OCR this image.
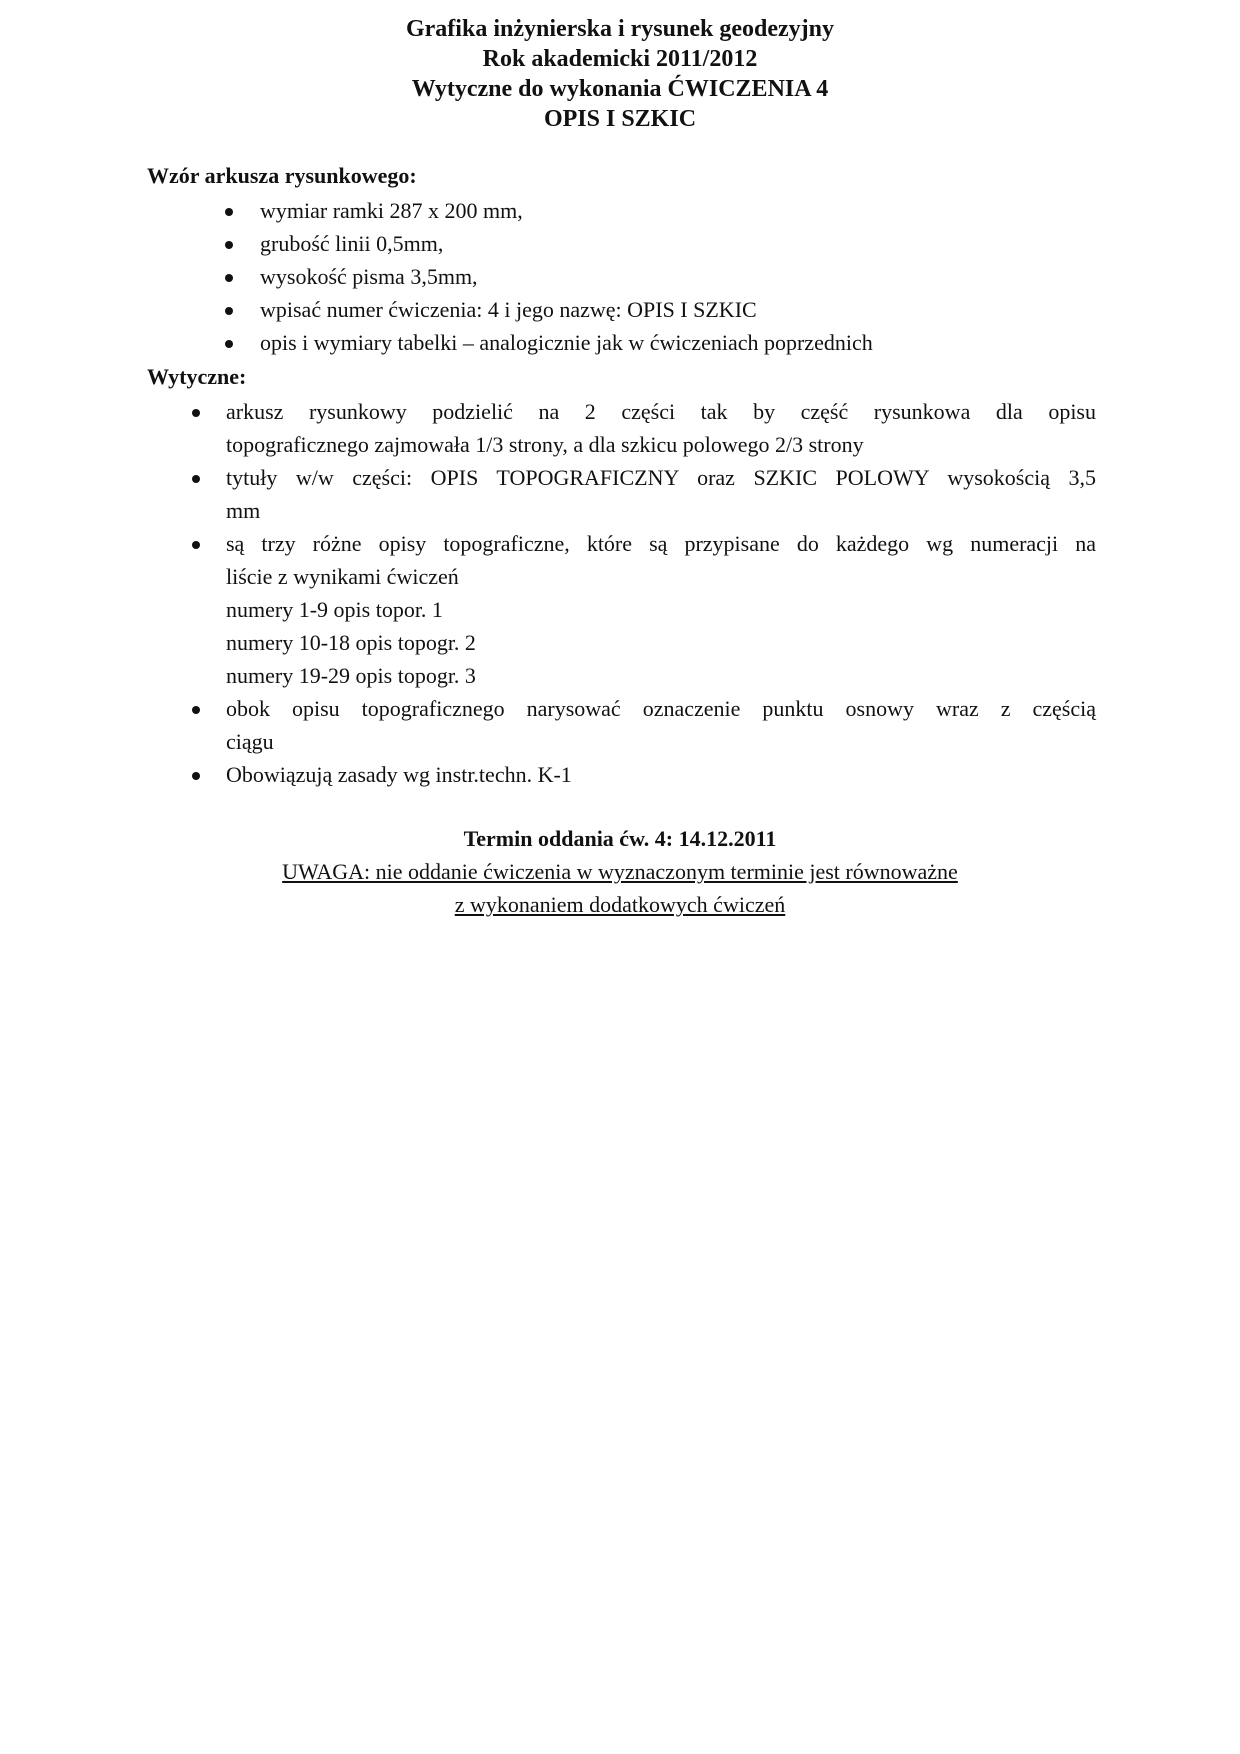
Grafika inżynierska i rysunek geodezyjny
Rok akademicki 2011/2012
Wytyczne do wykonania ĆWICZENIA 4
OPIS I SZKIC
Wzór arkusza rysunkowego:
wymiar ramki 287 x 200 mm,
grubość linii 0,5mm,
wysokość pisma 3,5mm,
wpisać numer ćwiczenia: 4 i jego nazwę: OPIS I SZKIC
opis i wymiary tabelki – analogicznie jak w ćwiczeniach poprzednich
Wytyczne:
arkusz rysunkowy podzielić na 2 części tak by część rysunkowa dla opisu
topograficznego zajmowała 1/3 strony, a dla szkicu polowego 2/3 strony
tytuły w/w części: OPIS TOPOGRAFICZNY oraz SZKIC POLOWY wysokością 3,5
mm
są trzy różne opisy topograficzne, które są przypisane do każdego wg numeracji na
liście z wynikami ćwiczeń
numery 1-9 opis topor. 1
numery 10-18 opis topogr. 2
numery 19-29 opis topogr. 3
obok opisu topograficznego narysować oznaczenie punktu osnowy wraz z częścią
ciągu
Obowiązują zasady wg instr.techn. K-1
Termin oddania ćw. 4: 14.12.2011
UWAGA: nie oddanie ćwiczenia w wyznaczonym terminie jest równoważne
z wykonaniem dodatkowych ćwiczeń
